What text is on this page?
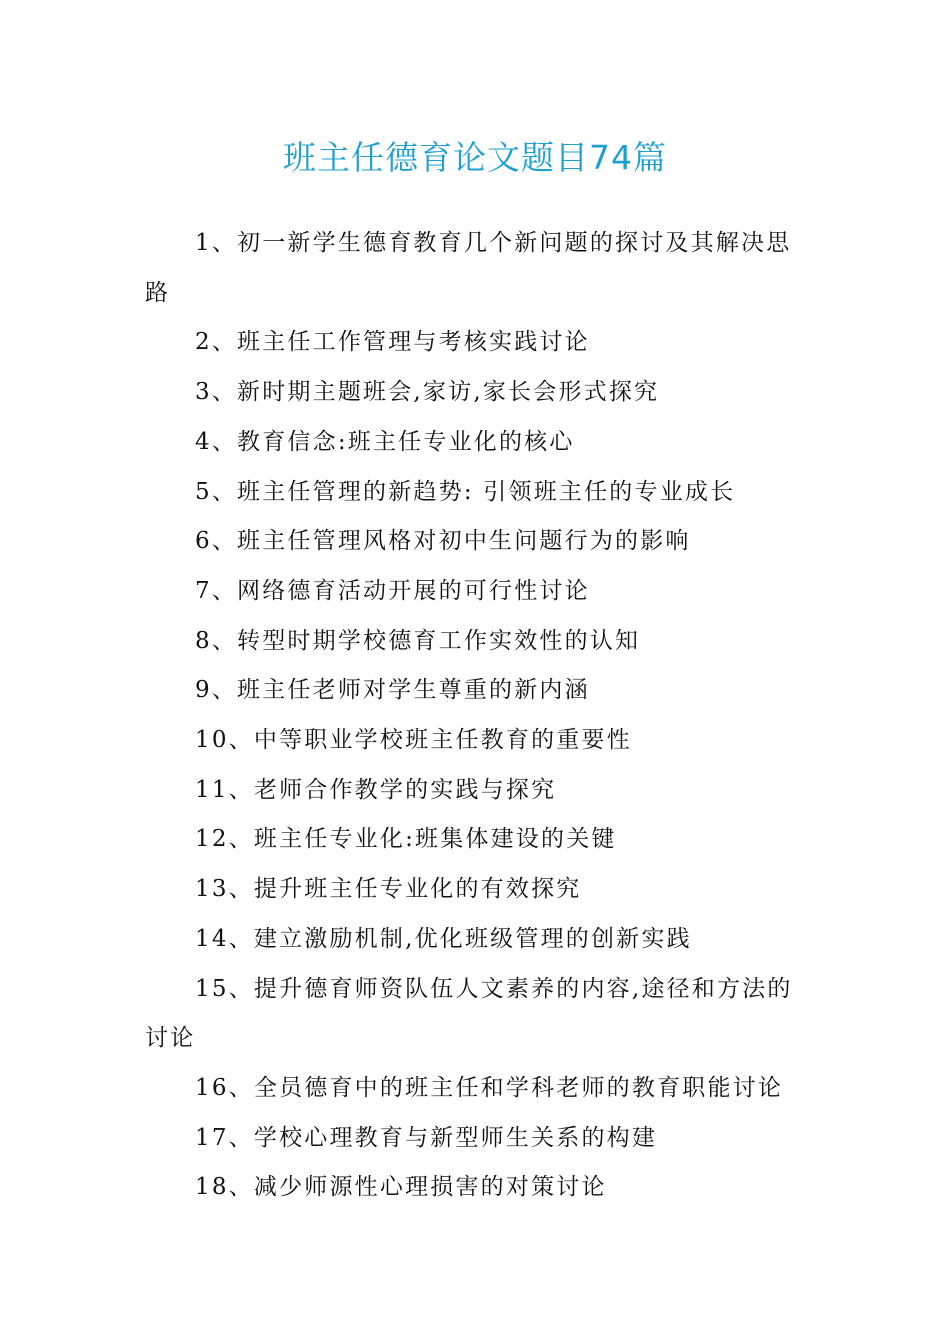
班主任德育论文题目74篇

1、初一新学生德育教育几个新问题的探讨及其解决思路

2、班主任工作管理与考核实践讨论

3、新时期主题班会,家访,家长会形式探究

4、教育信念:班主任专业化的核心

5、班主任管理的新趋势: 引领班主任的专业成长

6、班主任管理风格对初中生问题行为的影响

7、网络德育活动开展的可行性讨论

8、转型时期学校德育工作实效性的认知

9、班主任老师对学生尊重的新内涵

10、中等职业学校班主任教育的重要性

11、老师合作教学的实践与探究

12、班主任专业化:班集体建设的关键

13、提升班主任专业化的有效探究

14、建立激励机制,优化班级管理的创新实践

15、提升德育师资队伍人文素养的内容,途径和方法的讨论

16、全员德育中的班主任和学科老师的教育职能讨论

17、学校心理教育与新型师生关系的构建

18、减少师源性心理损害的对策讨论
